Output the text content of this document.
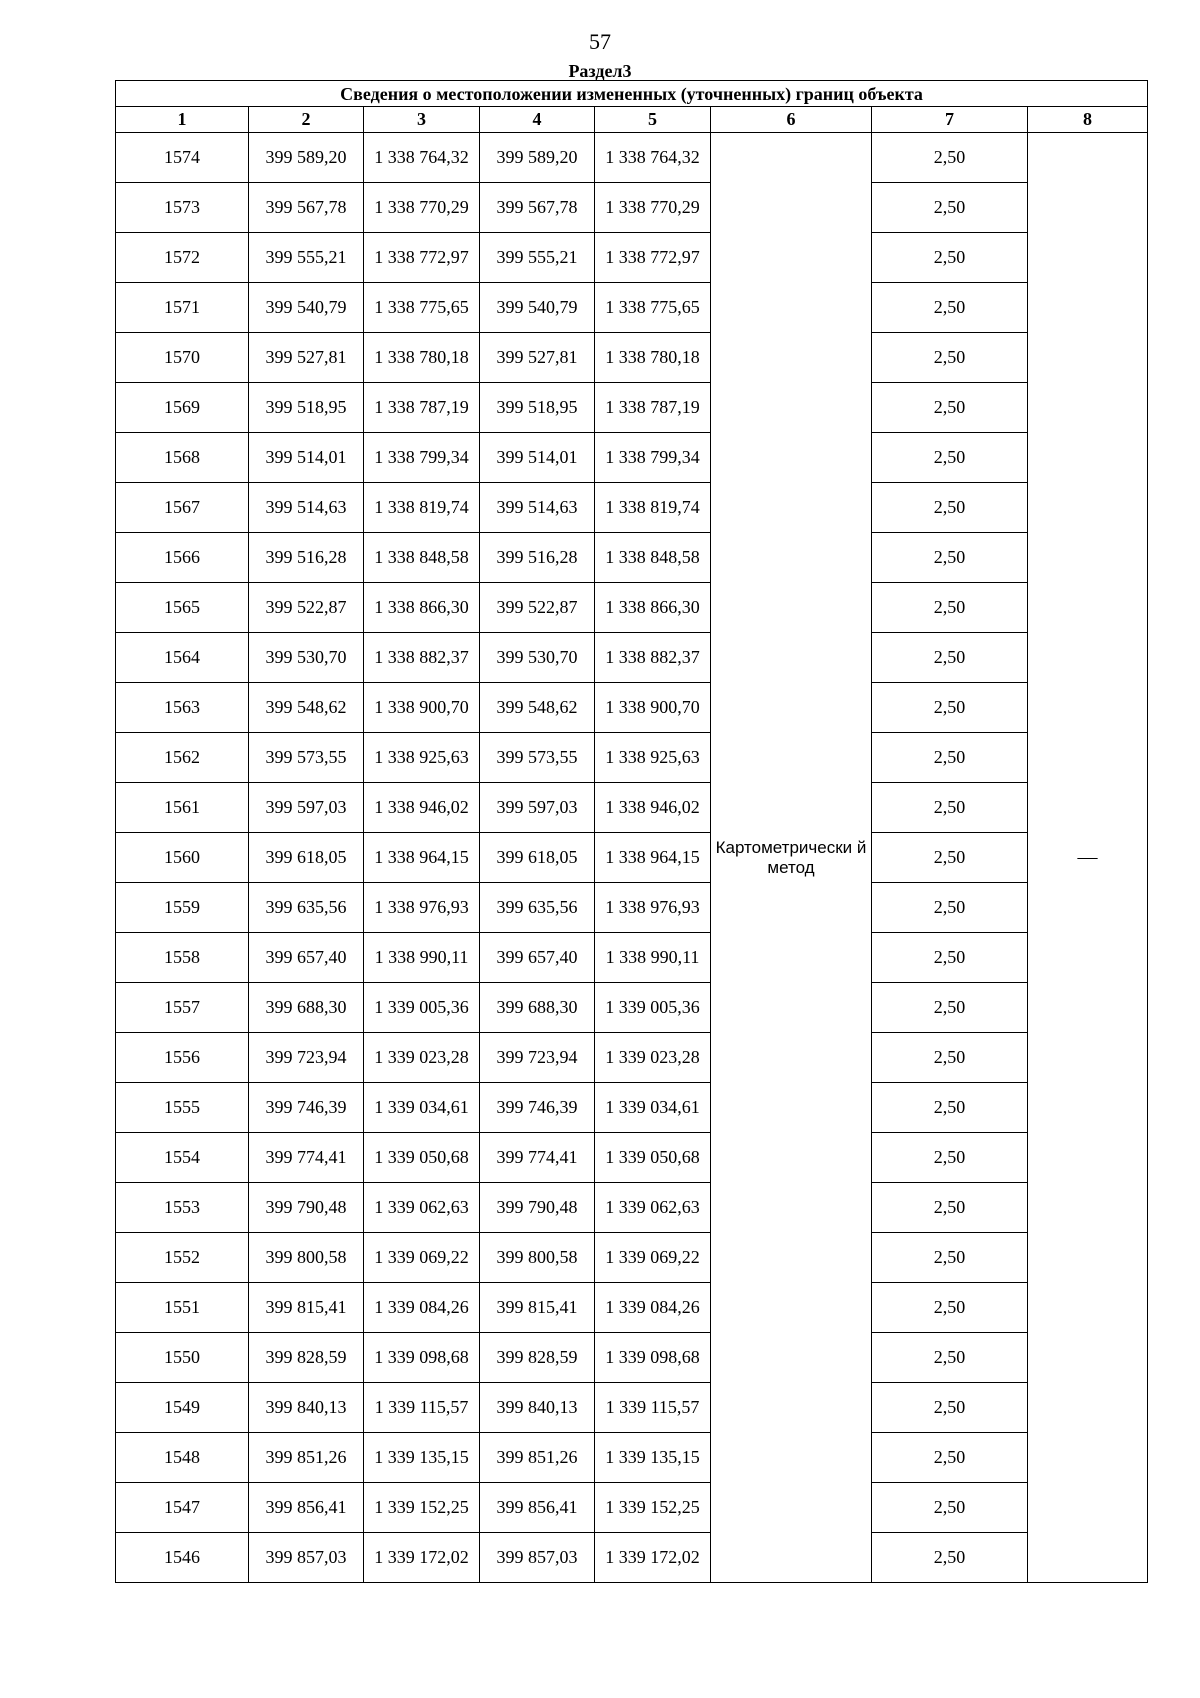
57
Раздел3
Сведения о местоположении измененных (уточненных) границ объекта							
1	2	3	4	5	6	7	8
1574	399 589,20	1 338 764,32	399 589,20	1 338 764,32	Картометрически й метод	2,50	—
1573	399 567,78	1 338 770,29	399 567,78	1 338 770,29		2,50	
1572	399 555,21	1 338 772,97	399 555,21	1 338 772,97		2,50	
1571	399 540,79	1 338 775,65	399 540,79	1 338 775,65		2,50	
1570	399 527,81	1 338 780,18	399 527,81	1 338 780,18		2,50	
1569	399 518,95	1 338 787,19	399 518,95	1 338 787,19		2,50	
1568	399 514,01	1 338 799,34	399 514,01	1 338 799,34		2,50	
1567	399 514,63	1 338 819,74	399 514,63	1 338 819,74		2,50	
1566	399 516,28	1 338 848,58	399 516,28	1 338 848,58		2,50	
1565	399 522,87	1 338 866,30	399 522,87	1 338 866,30		2,50	
1564	399 530,70	1 338 882,37	399 530,70	1 338 882,37		2,50	
1563	399 548,62	1 338 900,70	399 548,62	1 338 900,70		2,50	
1562	399 573,55	1 338 925,63	399 573,55	1 338 925,63		2,50	
1561	399 597,03	1 338 946,02	399 597,03	1 338 946,02		2,50	
1560	399 618,05	1 338 964,15	399 618,05	1 338 964,15		2,50	
1559	399 635,56	1 338 976,93	399 635,56	1 338 976,93		2,50	
1558	399 657,40	1 338 990,11	399 657,40	1 338 990,11		2,50	
1557	399 688,30	1 339 005,36	399 688,30	1 339 005,36		2,50	
1556	399 723,94	1 339 023,28	399 723,94	1 339 023,28		2,50	
1555	399 746,39	1 339 034,61	399 746,39	1 339 034,61		2,50	
1554	399 774,41	1 339 050,68	399 774,41	1 339 050,68		2,50	
1553	399 790,48	1 339 062,63	399 790,48	1 339 062,63		2,50	
1552	399 800,58	1 339 069,22	399 800,58	1 339 069,22		2,50	
1551	399 815,41	1 339 084,26	399 815,41	1 339 084,26		2,50	
1550	399 828,59	1 339 098,68	399 828,59	1 339 098,68		2,50	
1549	399 840,13	1 339 115,57	399 840,13	1 339 115,57		2,50	
1548	399 851,26	1 339 135,15	399 851,26	1 339 135,15		2,50	
1547	399 856,41	1 339 152,25	399 856,41	1 339 152,25		2,50	
1546	399 857,03	1 339 172,02	399 857,03	1 339 172,02		2,50	
